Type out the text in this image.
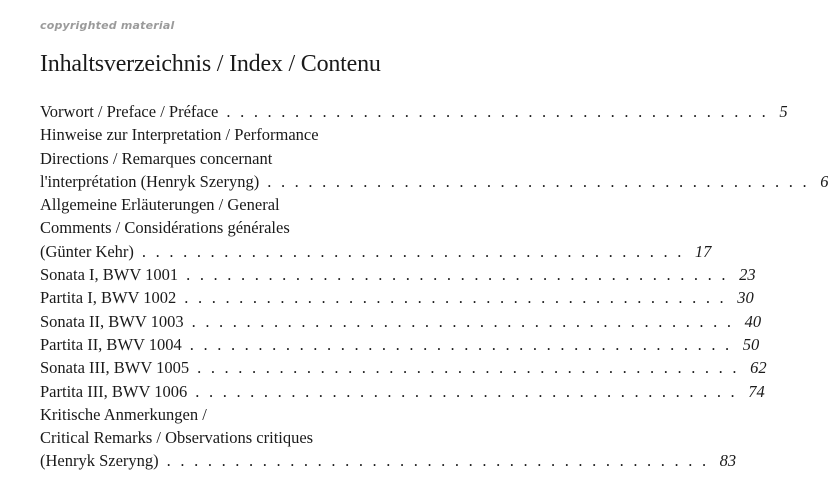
copyrighted material
Inhaltsverzeichnis / Index / Contenu
Vorwort / Preface / Préface ........................................ 5
Hinweise zur Interpretation / Performance
Directions / Remarques concernant
l'interprétation (Henryk Szeryng) ........................................ 6
Allgemeine Erläuterungen / General
Comments / Considérations générales
(Günter Kehr) ........................................ 17
Sonata I, BWV 1001 ........................................ 23
Partita I, BWV 1002 ........................................ 30
Sonata II, BWV 1003 ........................................ 40
Partita II, BWV 1004 ........................................ 50
Sonata III, BWV 1005 ........................................ 62
Partita III, BWV 1006 ........................................ 74
Kritische Anmerkungen /
Critical Remarks / Observations critiques
(Henryk Szeryng) ........................................ 83
